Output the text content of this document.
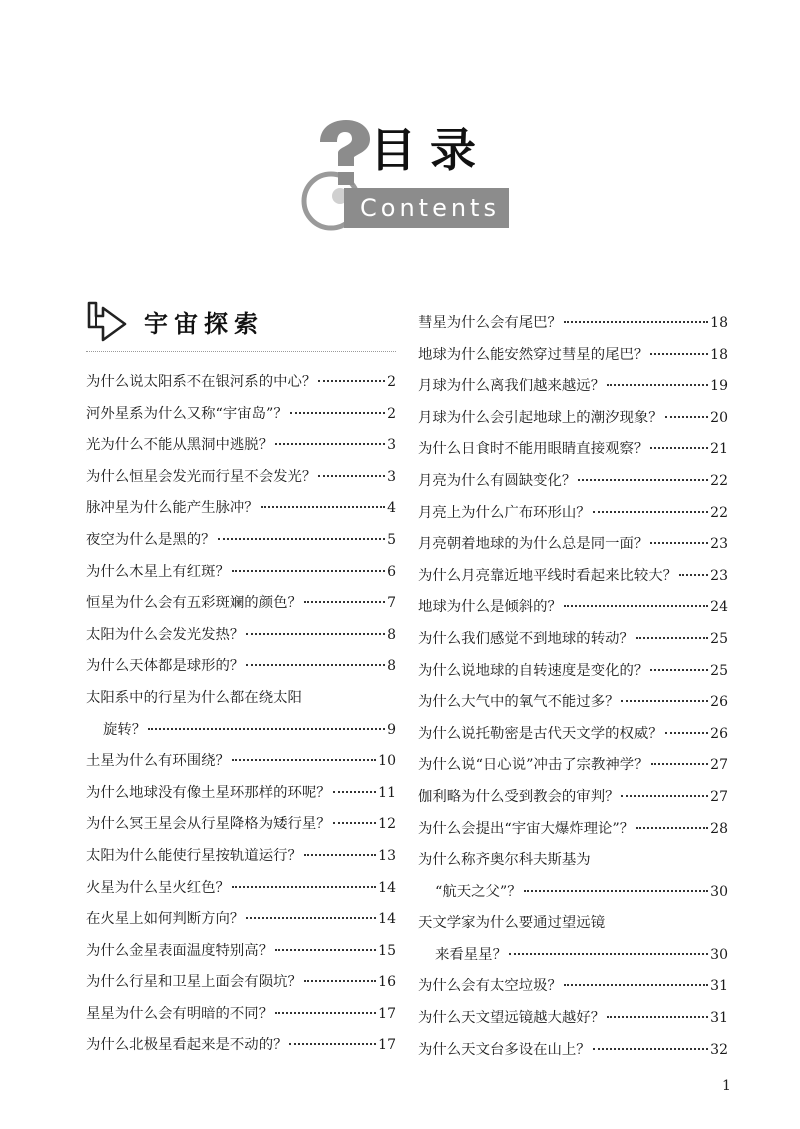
目录
Contents
宇宙探索
为什么说太阳系不在银河系的中心？	2
河外星系为什么又称“宇宙岛”？	2
光为什么不能从黑洞中逃脱？	3
为什么恒星会发光而行星不会发光？	3
脉冲星为什么能产生脉冲？	4
夜空为什么是黑的？	5
为什么木星上有红斑？	6
恒星为什么会有五彩斑斓的颜色？	7
太阳为什么会发光发热？	8
为什么天体都是球形的？	8
太阳系中的行星为什么都在绕太阳
旋转？	9
土星为什么有环围绕？	10
为什么地球没有像土星环那样的环呢？	11
为什么冥王星会从行星降格为矮行星？	12
太阳为什么能使行星按轨道运行？	13
火星为什么呈火红色？	14
在火星上如何判断方向？	14
为什么金星表面温度特别高？	15
为什么行星和卫星上面会有陨坑？	16
星星为什么会有明暗的不同？	17
为什么北极星看起来是不动的？	17
彗星为什么会有尾巴？	18
地球为什么能安然穿过彗星的尾巴？	18
月球为什么离我们越来越远？	19
月球为什么会引起地球上的潮汐现象？	20
为什么日食时不能用眼睛直接观察？	21
月亮为什么有圆缺变化？	22
月亮上为什么广布环形山？	22
月亮朝着地球的为什么总是同一面？	23
为什么月亮靠近地平线时看起来比较大？ 23
地球为什么是倾斜的？	24
为什么我们感觉不到地球的转动？	25
为什么说地球的自转速度是变化的？	25
为什么大气中的氧气不能过多？	26
为什么说托勒密是古代天文学的权威？	26
为什么说“日心说”冲击了宗教神学？	27
伽利略为什么受到教会的审判？	27
为什么会提出“宇宙大爆炸理论”？	28
为什么称齐奥尔科夫斯基为
“航天之父”？	30
天文学家为什么要通过望远镜
来看星星？	30
为什么会有太空垃圾？	31
为什么天文望远镜越大越好？	31
为什么天文台多设在山上？	32
1
